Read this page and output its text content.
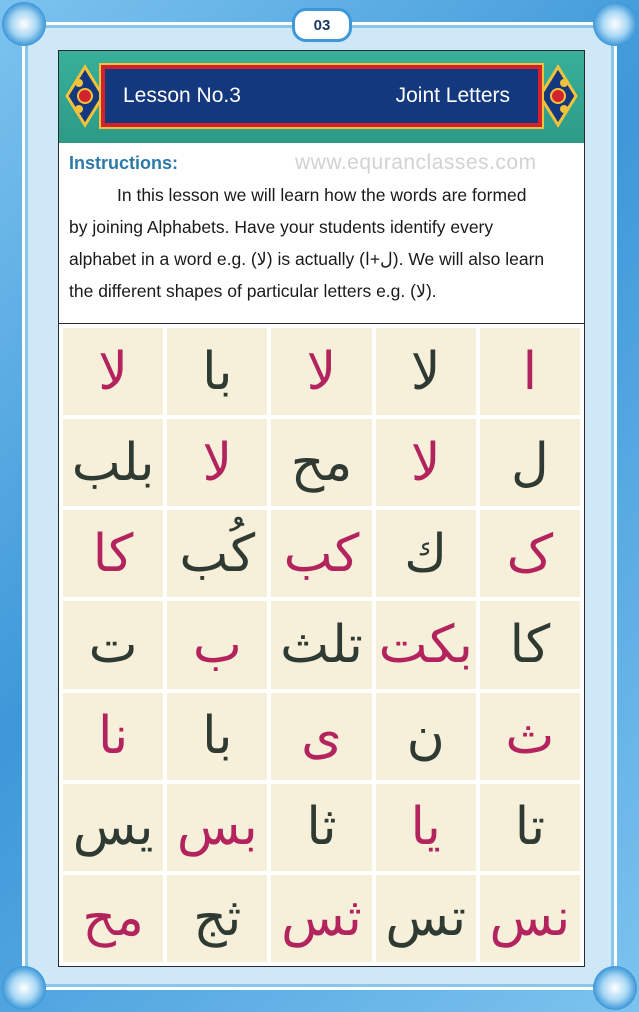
03
Lesson No.3	Joint Letters
Instructions:	www.equranclasses.com
In this lesson we will learn how the words are formed
by joining Alphabets. Have your students identify every
alphabet in a word e.g. (لا) is actually (ل+ا). We will also learn
the different shapes of particular letters e.g. (لا).
لا با لا لا ا
بلب لا مح لا ل
كا كُب كب ك ک
ت ب تلث بكت كا
نا با ى ن ث
يس بس ثا يا تا
مح ثج ثس تس نس
